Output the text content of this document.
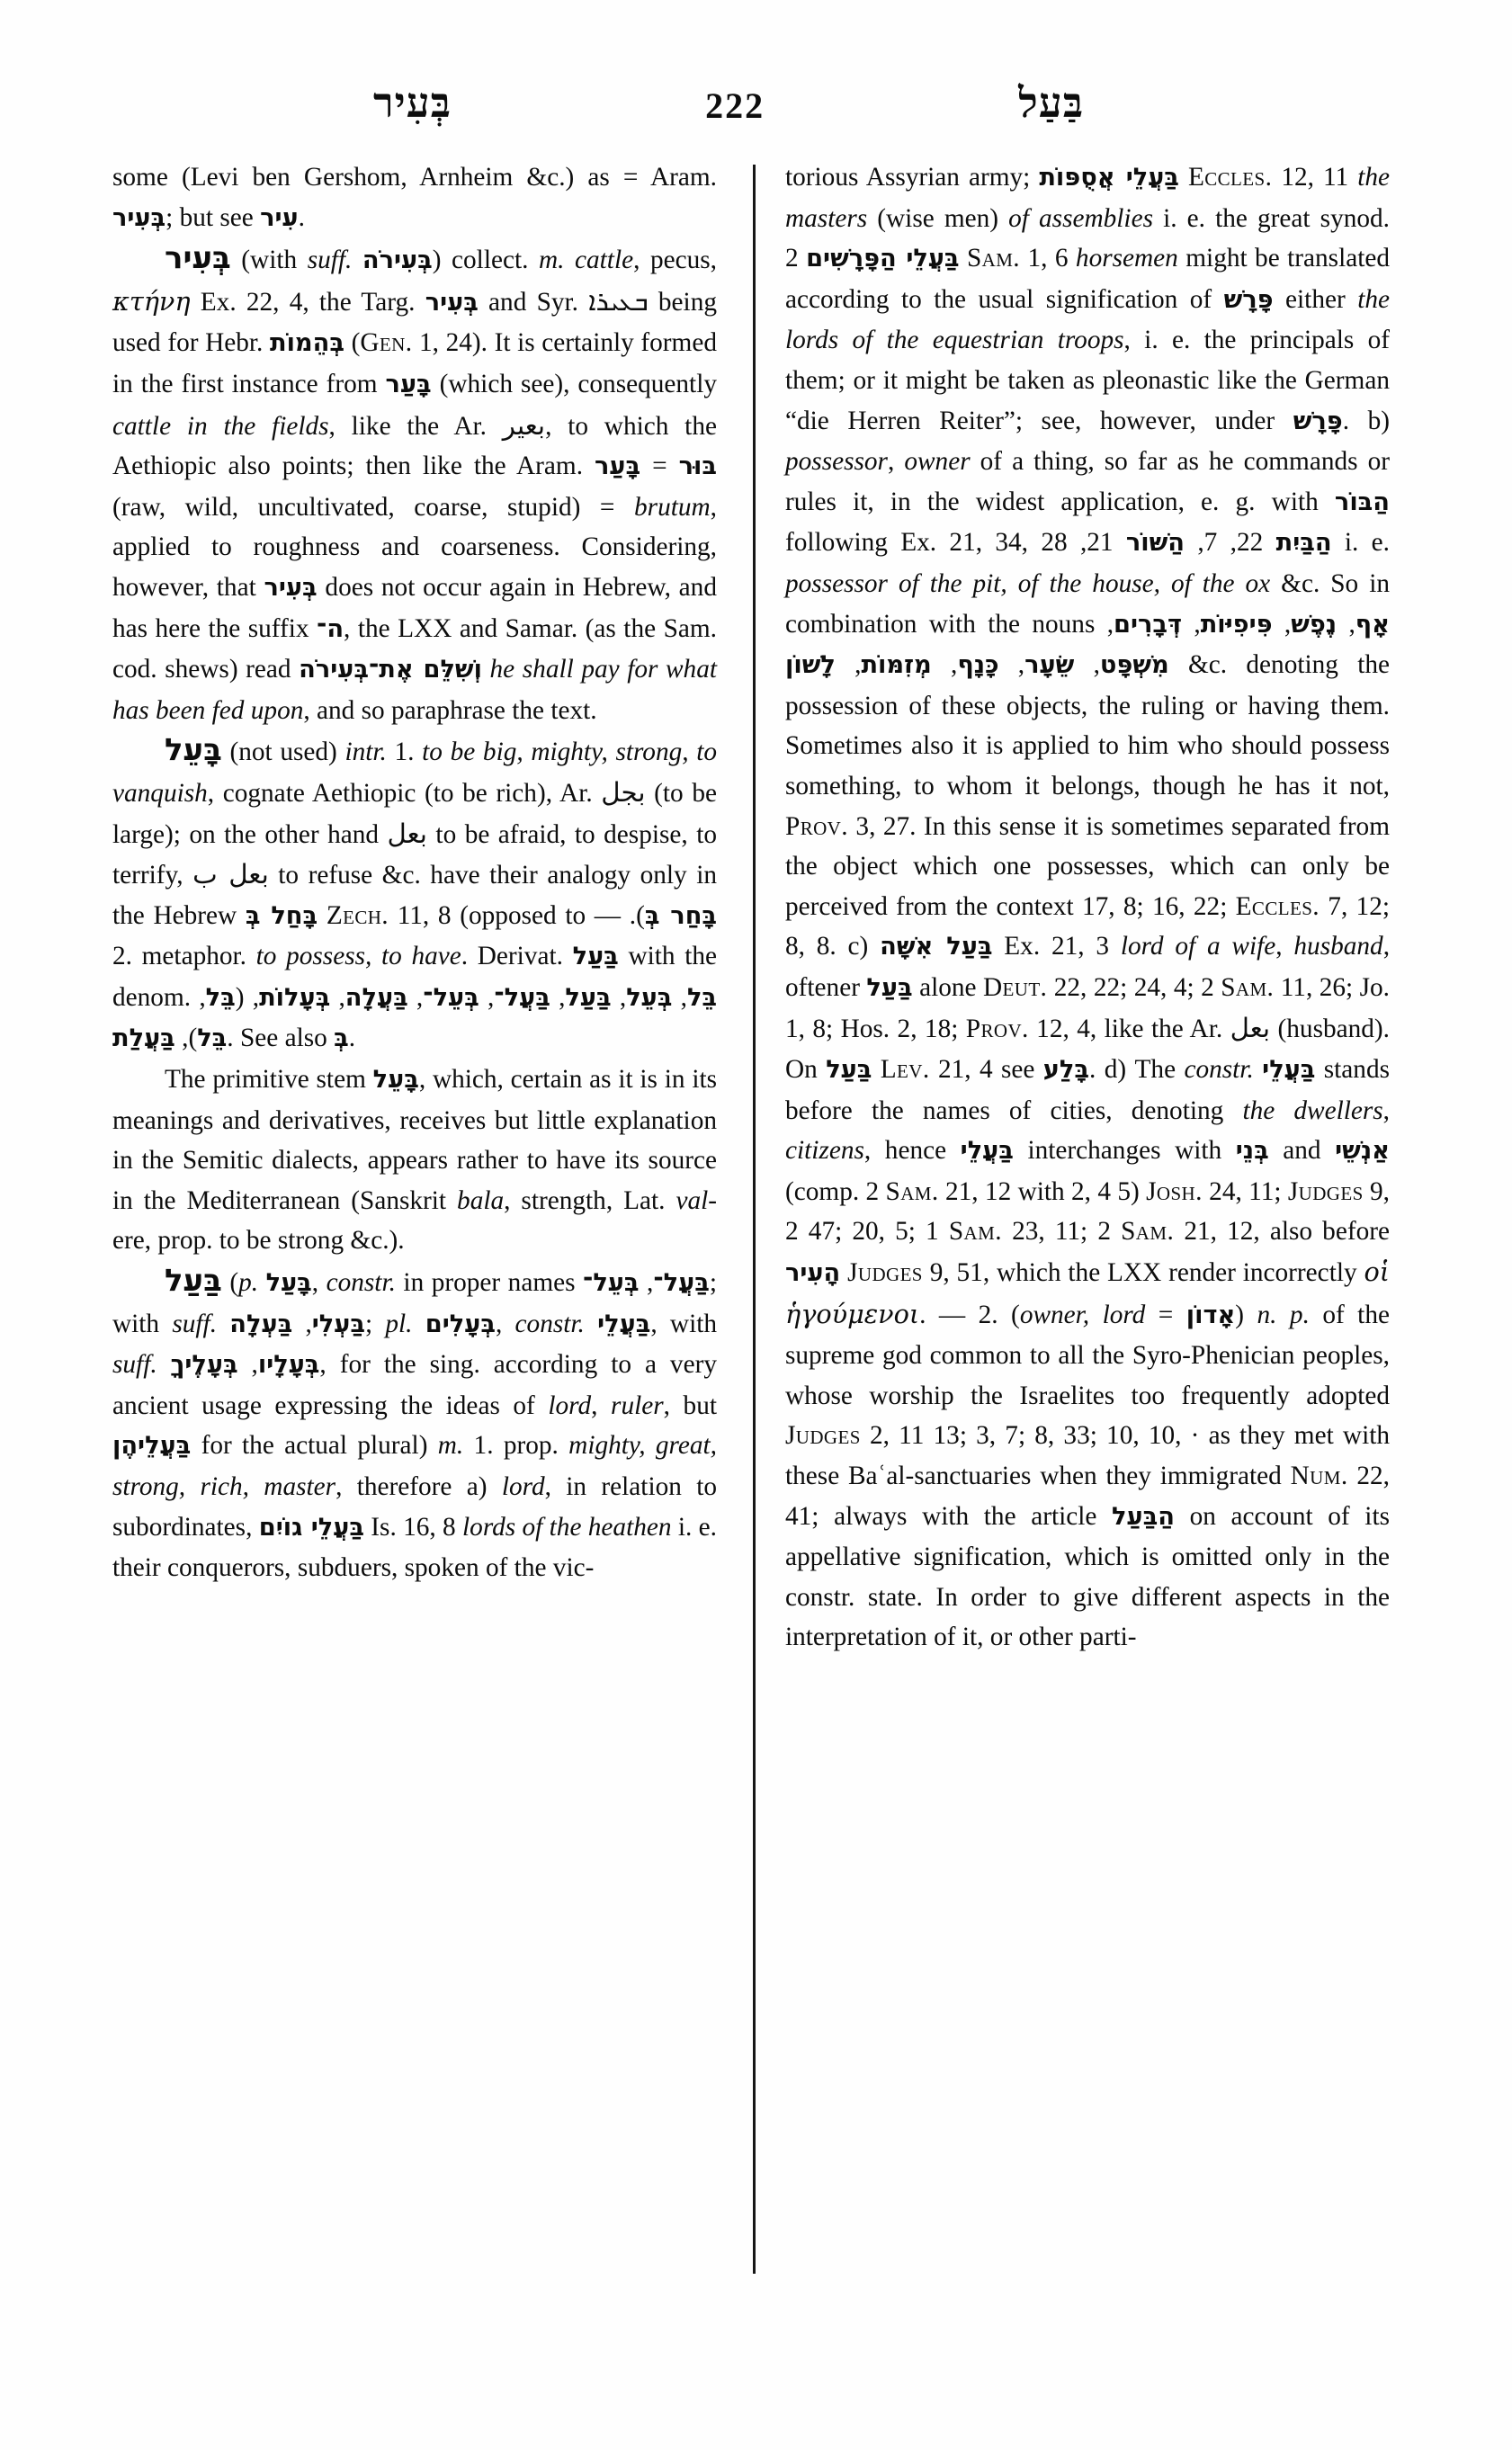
בְּעִיר	222	בַּעַל

some (Levi ben Gershom, Arnheim &c.) as = Aram. בְּעִיר; but see עִיר.

בְּעִיר (with suff. בְּעִירֹה) collect. m. cattle, pecus, κτήνη Ex. 22, 4, the Targ. בְּעִיר and Syr. ܒܥܝܪܐ being used for Hebr. בְּהֵמוֹת (Gen. 1, 24). It is certainly formed in the first instance from בָּעַר (which see), consequently cattle in the fields, like the Ar. بعير, to which the Aethiopic also points; then like the Aram.	בּוּר = בָּעַר (raw, wild, uncultivated, coarse, stupid) = brutum, applied to roughness and coarseness. Considering, however, that בְּעִיר does not occur again in Hebrew, and has here the suffix ה־, the LXX and Samar. (as the Sam. cod. shews) read וְשִׁלֵּם אֶת־בְּעִירֹה he shall pay for what has been fed upon, and so paraphrase the text.

בָּעֵל (not used) intr. 1. to be big, mighty, strong, to vanquish, cognate Aethiopic (to be rich), Ar. بجل (to be large); on the other hand بعل to be afraid, to despise, to terrify, بعل ب to refuse &c. have their analogy only in the Hebrew בָּחַל בְּ Zech. 11, 8 (opposed to בָּחַר בְּ). — 2. metaphor. to possess, to have. Derivat. בַּעַל with the denom.	בֵּל, בְּעֵל, בַּעַל, בַּעֲל־, בְּעֵל־, בַּעֲלָה, בְּעָלוֹת, (בֵּל, בֵּל), בַּעֲלַת . See also בְּ.

The primitive stem בָּעֵל, which, certain as it is in its meanings and derivatives, receives but little explanation in the Semitic dialects, appears rather to have its source in the Mediterranean (Sanskrit bala, strength, Lat. val-ere, prop. to be strong &c.).

בַּעַל (p. בָּעַל, constr. in proper names	בַּעֲל־, בְּעֵל־	; with suff.	בַּעְלִי, בַּעְלָה	; pl. בְּעָלִים, constr. בַּעֲלֵי, with suff.	בְּעָלָיו, בְּעָלֶיךָ	, for the sing. according to a very ancient usage expressing the ideas of lord, ruler, but בַּעֲלֵיהֶן for the actual plural) m. 1. prop. mighty, great, strong, rich, master, therefore a) lord, in relation to subordinates, בַּעֲלֵי גוֹיִם Is. 16, 8 lords of the heathen i. e. their conquerors, subduers, spoken of the vic-

torious Assyrian army; בַּעֲלֵי אֲסֻפּוֹת Eccles. 12, 11 the masters (wise men) of assemblies i. e. the great synod. בַּעֲלֵי הַפָּרָשִׁים 2 Sam. 1, 6 horsemen might be translated according to the usual signification of פָּרָשׁ either the lords of the equestrian troops, i. e. the principals of them; or it might be taken as pleonastic like the German “die Herren Reiter”; see, however, under פָּרָשׁ. b) possessor, owner of a thing, so far as he commands or rules it, in the widest application, e. g. with הַבּוֹר following Ex. 21, 34,	הַבַּיִת 22, 7, הַשּׁוֹר 21, 28 i. e. possessor of the pit, of the house, of the ox &c. So in combination with the nouns	אָף, נֶפֶשׁ, פִּיפִיּוֹת, דְּבָרִים, מִשְׁפָּט, שֵׂעָר, כָּנָף, מְזִמּוֹת, לָשׁוֹן	&c. denoting the possession of these objects, the ruling or having them. Sometimes also it is applied to him who should possess something, to whom it belongs, though he has it not, Prov. 3, 27. In this sense it is sometimes separated from the object which one possesses, which can only be perceived from the context 17, 8; 16, 22; Eccles. 7, 12; 8, 8. c) בַּעַל אִשָּׁה Ex. 21, 3 lord of a wife, husband, oftener בַּעַל alone Deut. 22, 22; 24, 4; 2 Sam. 11, 26; Jo. 1, 8; Hos. 2, 18; Prov. 12, 4, like the Ar. بعل (husband). On בַּעַל Lev. 21, 4 see בָּלַע. d) The constr. בַּעֲלֵי stands before the names of cities, denoting the dwellers, citizens, hence בַּעֲלֵי interchanges with בְּנֵי and אַנְשֵׁי (comp. 2 Sam. 21, 12 with 2, 4 5) Josh. 24, 11; Judges 9, 2 47; 20, 5; 1 Sam. 23, 11; 2 Sam. 21, 12, also before הָעִיר Judges 9, 51, which the LXX render incorrectly οἱ ἡγούμενοι. — 2. (owner, lord = אָדוֹן) n. p. of the supreme god common to all the Syro-Phenician peoples, whose worship the Israelites too frequently adopted Judges 2, 11 13; 3, 7; 8, 33; 10, 10, · as they met with these Baʿal-sanctuaries when they immigrated Num. 22, 41; always with the article הַבַּעַל on account of its appellative signification, which is omitted only in the constr. state. In order to give different aspects in the interpretation of it, or other parti-
